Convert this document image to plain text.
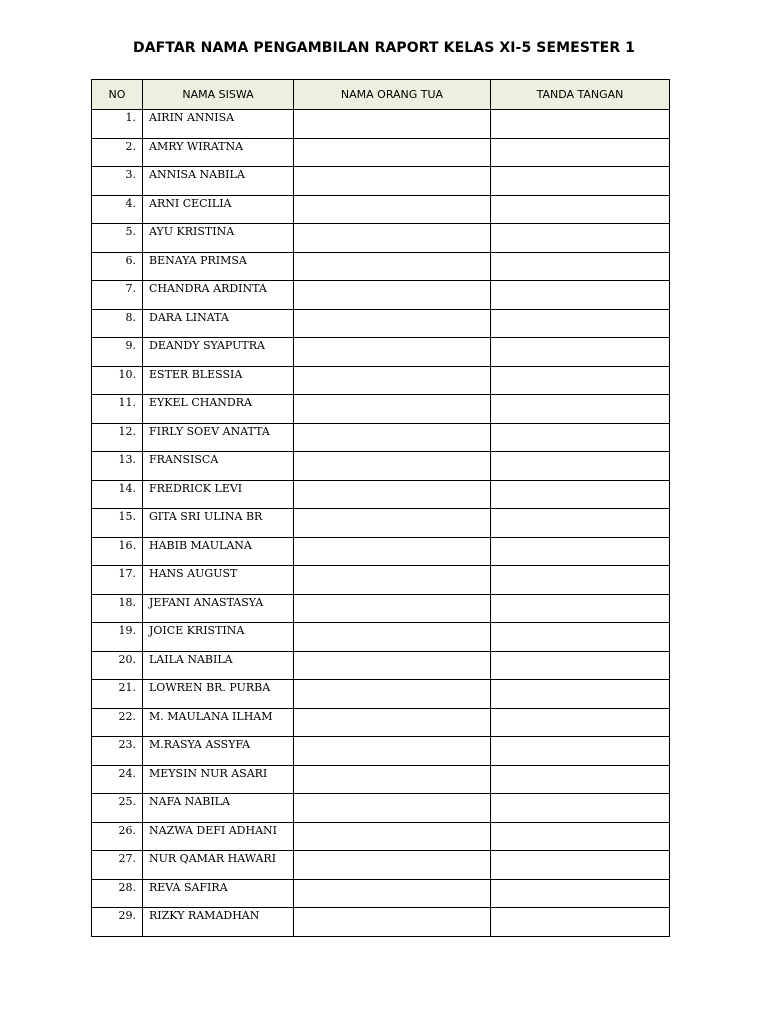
DAFTAR NAMA PENGAMBILAN RAPORT KELAS XI-5 SEMESTER 1
NO	NAMA SISWA	NAMA ORANG TUA	TANDA TANGAN
1.	AIRIN ANNISA		
2.	AMRY WIRATNA		
3.	ANNISA NABILA		
4.	ARNI CECILIA		
5.	AYU KRISTINA		
6.	BENAYA PRIMSA		
7.	CHANDRA ARDINTA		
8.	DARA LINATA		
9.	DEANDY SYAPUTRA		
10.	ESTER BLESSIA		
11.	EYKEL CHANDRA		
12.	FIRLY SOEV ANATTA		
13.	FRANSISCA		
14.	FREDRICK LEVI		
15.	GITA SRI ULINA BR		
16.	HABIB MAULANA		
17.	HANS AUGUST		
18.	JEFANI ANASTASYA		
19.	JOICE KRISTINA		
20.	LAILA NABILA		
21.	LOWREN BR. PURBA		
22.	M. MAULANA ILHAM		
23.	M.RASYA ASSYFA		
24.	MEYSIN NUR ASARI		
25.	NAFA NABILA		
26.	NAZWA DEFI ADHANI		
27.	NUR QAMAR HAWARI		
28.	REVA SAFIRA		
29.	RIZKY RAMADHAN		
